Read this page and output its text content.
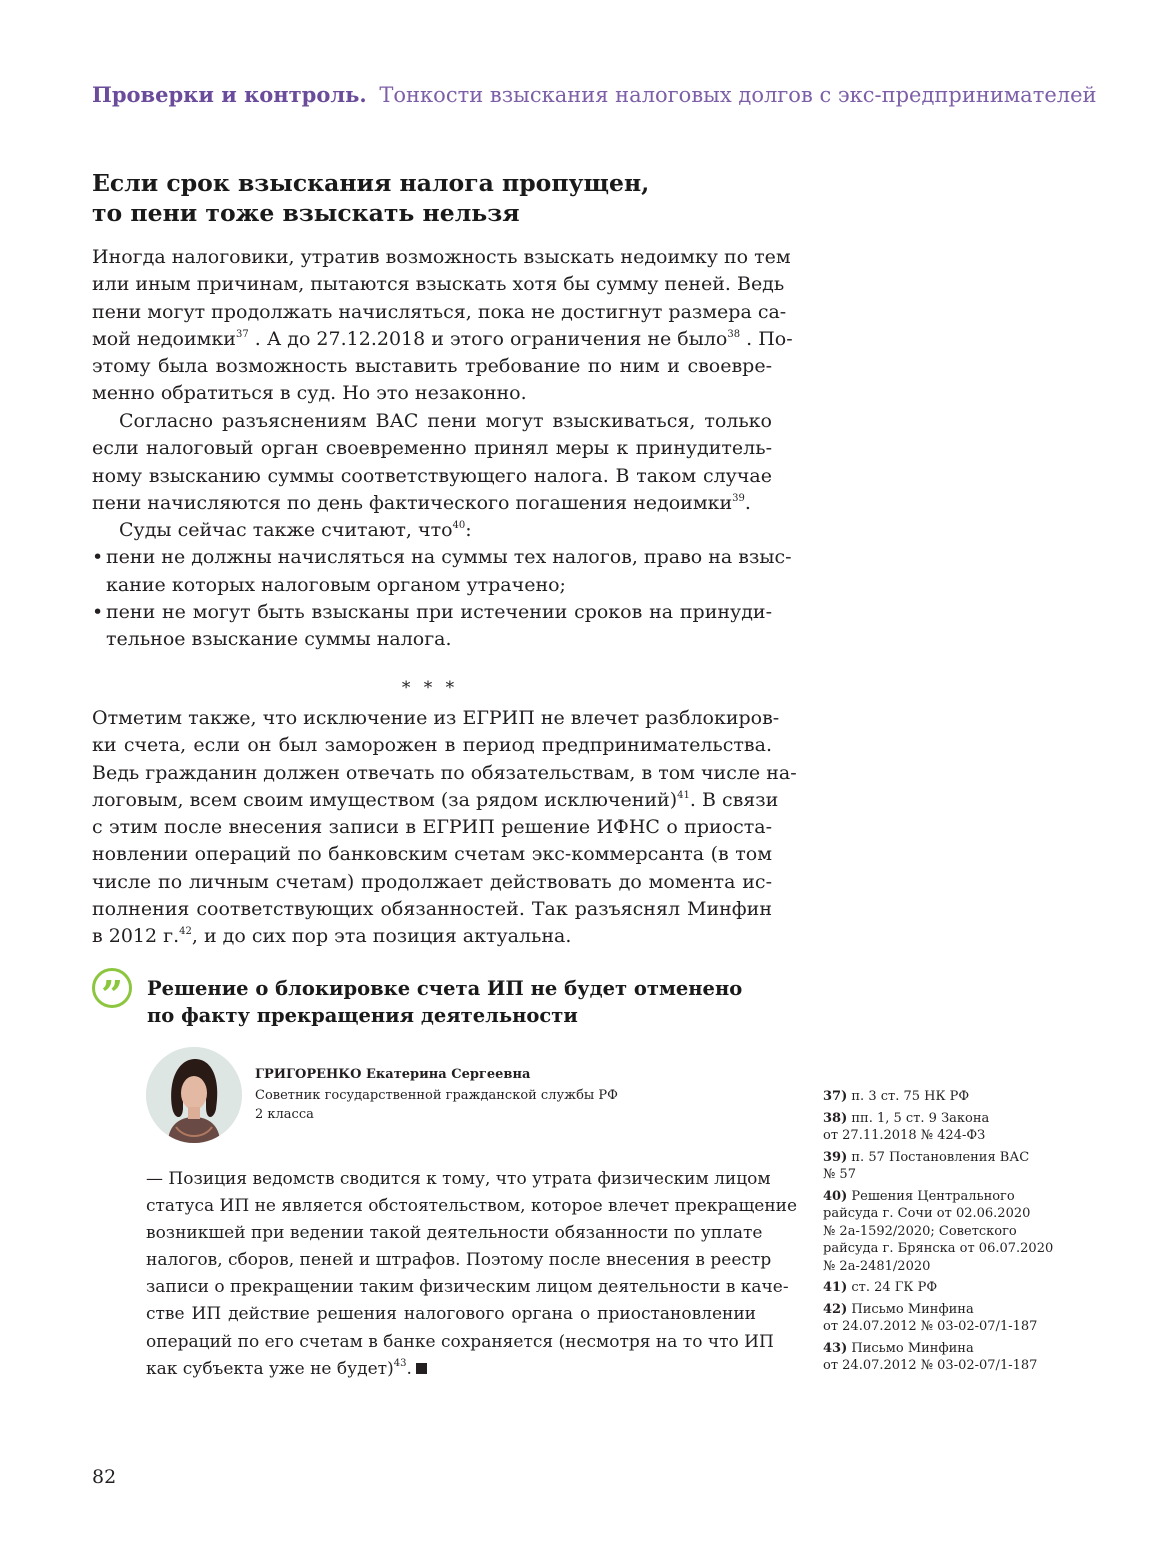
Проверки и контроль. Тонкости взыскания налоговых долгов с экс-предпринимателей
Если срок взыскания налога пропущен,
то пени тоже взыскать нельзя
Иногда налоговики, утратив возможность взыскать недоимку по тем
или иным причинам, пытаются взыскать хотя бы сумму пеней. Ведь
пени могут продолжать начисляться, пока не достигнут размера са-
мой недоимки$^{37}$ . А до 27.12.2018 и этого ограничения не было$^{38}$ . По-
этому была возможность выставить требование по ним и своевре-
менно обратиться в суд. Но это незаконно.
Согласно разъяснениям ВАС пени могут взыскиваться, только
если налоговый орган своевременно принял меры к принудитель-
ному взысканию суммы соответствующего налога. В таком случае
пени начисляются по день фактического погашения недоимки$^{39}$.
Суды сейчас также считают, что$^{40}$:
• пени не должны начисляться на суммы тех налогов, право на взыс-
кание которых налоговым органом утрачено;
• пени не могут быть взысканы при истечении сроков на принуди-
тельное взыскание суммы налога.
* * *
Отметим также, что исключение из ЕГРИП не влечет разблокиров-
ки счета, если он был заморожен в период предпринимательства.
Ведь гражданин должен отвечать по обязательствам, в том числе на-
логовым, всем своим имуществом (за рядом исключений)$^{41}$. В связи
с этим после внесения записи в ЕГРИП решение ИФНС о приоста-
новлении операций по банковским счетам экс-коммерсанта (в том
числе по личным счетам) продолжает действовать до момента ис-
полнения соответствующих обязанностей. Так разъяснял Минфин
в 2012 г.$^{42}$, и до сих пор эта позиция актуальна.
”	Решение о блокировке счета ИП не будет отменено
по факту прекращения деятельности
ГРИГОРЕНКО Екатерина Сергеевна
Советник государственной гражданской службы РФ
2 класса
— Позиция ведомств сводится к тому, что утрата физическим лицом
статуса ИП не является обстоятельством, которое влечет прекращение
возникшей при ведении такой деятельности обязанности по уплате
налогов, сборов, пеней и штрафов. Поэтому после внесения в реестр
записи о прекращении таким физическим лицом деятельности в каче-
стве ИП действие решения налогового органа о приостановлении
операций по его счетам в банке сохраняется (несмотря на то что ИП
как субъекта уже не будет)$^{43}$.
37) п. 3 ст. 75 НК РФ
38) пп. 1, 5 ст. 9 Закона
от 27.11.2018 № 424-ФЗ
39) п. 57 Постановления ВАС
№ 57
40) Решения Центрального
райсуда г. Сочи от 02.06.2020
№ 2а-1592/2020; Советского
райсуда г. Брянска от 06.07.2020
№ 2а-2481/2020
41) ст. 24 ГК РФ
42) Письмо Минфина
от 24.07.2012 № 03-02-07/1-187
43) Письмо Минфина
от 24.07.2012 № 03-02-07/1-187
82
